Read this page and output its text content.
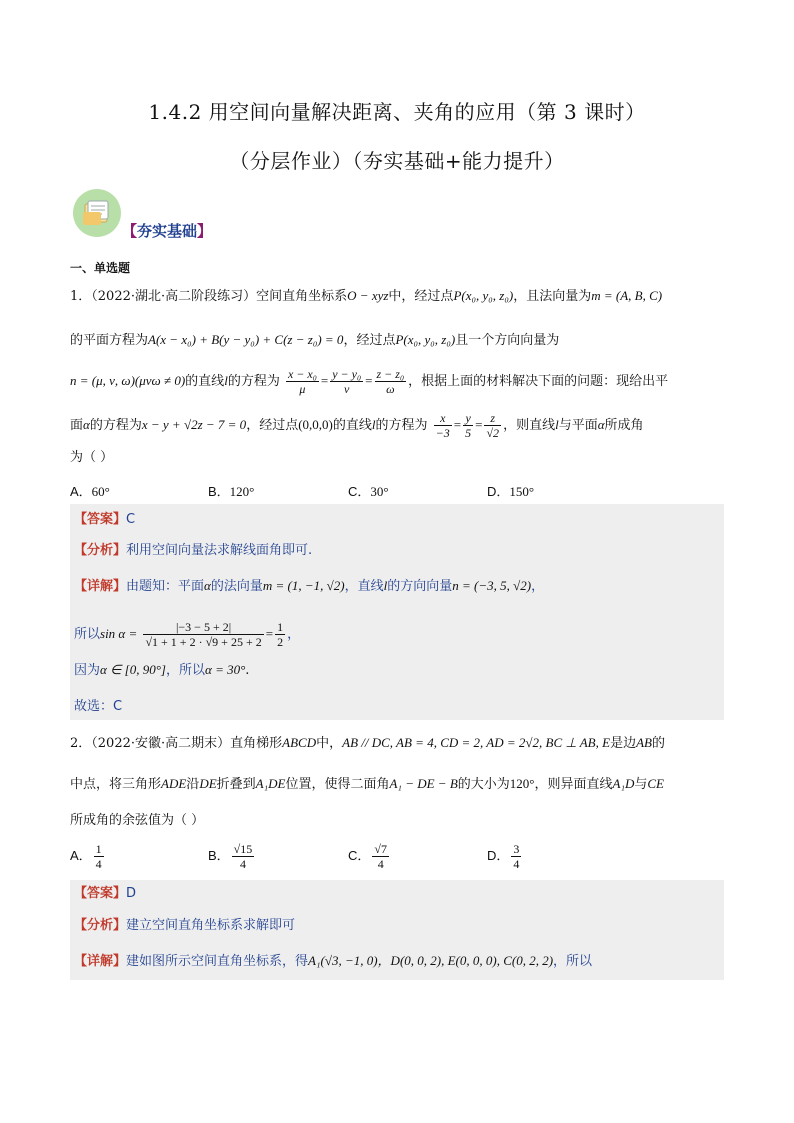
1.4.2 用空间向量解决距离、夹角的应用（第 3 课时）
（分层作业）（夯实基础+能力提升）
【夯实基础】
一、单选题
1．（2022·湖北·高二阶段练习）空间直角坐标系O − xyz中，经过点P(x₀, y₀, z₀)，且法向量为m = (A, B, C)
的平面方程为A(x − x₀) + B(y − y₀) + C(z − z₀) = 0，经过点P(x₀, y₀, z₀)且一个方向向量为
n = (μ, ν, ω)(μνω ≠ 0)的直线l的方程为 $\frac{\text{x − x₀}}{\mu} = \frac{\text{y − y₀}}{\nu} = \frac{\text{z − z₀}}{\omega}$ ，根据上面的材料解决下面的问题：现给出平
面α的方程为x − y + √2z − 7 = 0，经过点(0,0,0)的直线l的方程为 $\frac{x}{-3} = \frac{y}{5} = \frac{z}{√2}$ ，则直线l与平面α所成角
为（ ）
A．60°	B．120°	C．30°	D．150°
【答案】C
【分析】利用空间向量法求解线面角即可.
【详解】由题知：平面α的法向量m = (1, −1, √2)，直线l的方向向量n = (−3, 5, √2)，
所以$\sin \alpha = \frac{|-3 - 5 + 2|}{√1 + 1 + 2 \cdot √9 + 25 + 2} = \frac{1}{2}$ ，
因为α ∈ [0, 90°]，所以α = 30°.
故选：C
2．（2022·安徽·高二期末）直角梯形ABCD中，AB // DC, AB = 4, CD = 2, AD = 2√2, BC ⊥ AB, E是边AB的
中点，将三角形ADE沿DE折叠到A₁DE位置，使得二面角A₁ − DE − B的大小为120°，则异面直线A₁D与CE
所成角的余弦值为（ ）
A． $\frac{1}{4}$	B． $\frac{√15}{4}$	C． $\frac{√7}{4}$	D． $\frac{3}{4}$
【答案】D
【分析】建立空间直角坐标系求解即可
【详解】建如图所示空间直角坐标系，得A₁(√3, −1, 0)，D(0, 0, 2), E(0, 0, 0), C(0, 2, 2)，所以
